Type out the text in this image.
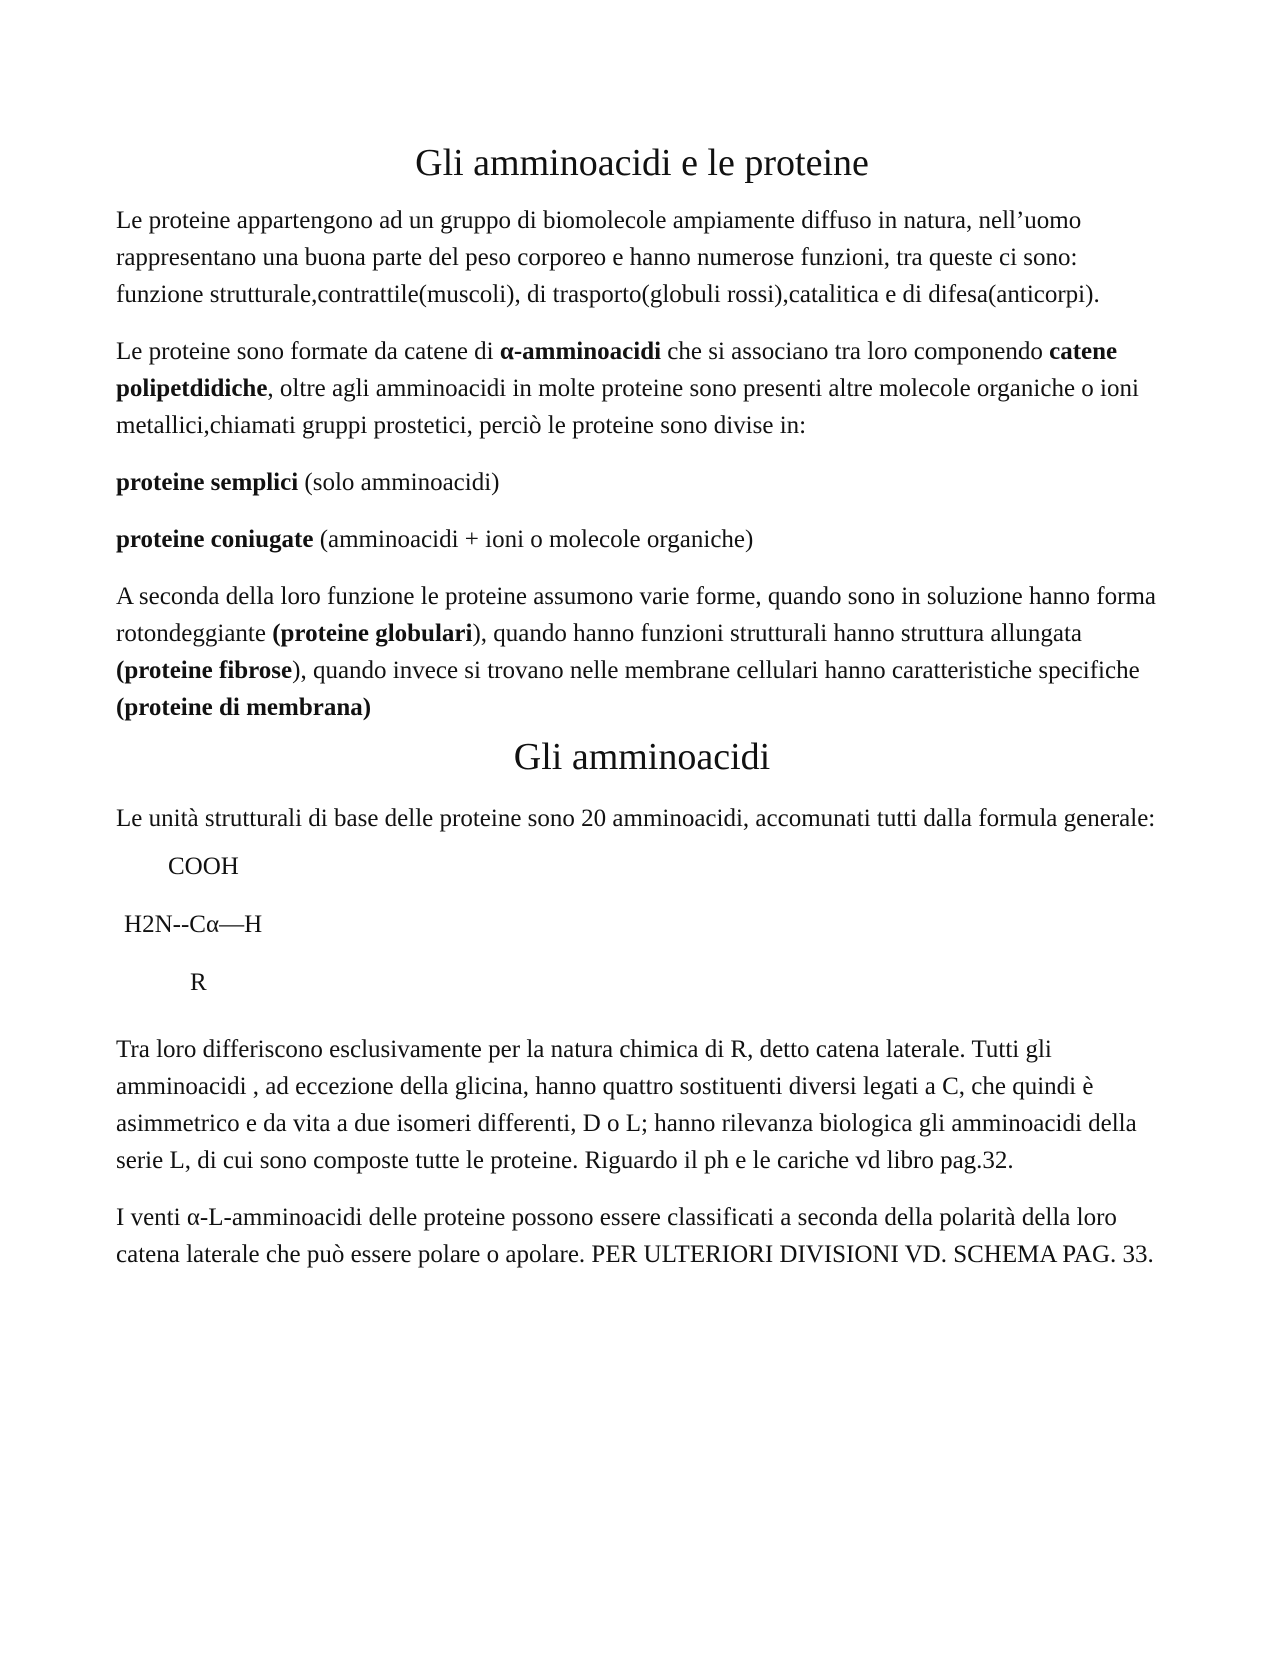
Gli amminoacidi e le proteine

Le proteine appartengono ad un gruppo di biomolecole ampiamente diffuso in natura, nell’uomo rappresentano una buona parte del peso corporeo e hanno numerose funzioni, tra queste ci sono: funzione strutturale,contrattile(muscoli), di trasporto(globuli rossi),catalitica e di difesa(anticorpi).

Le proteine sono formate da catene di α-amminoacidi che si associano tra loro componendo catene polipetdidiche, oltre agli amminoacidi in molte proteine sono presenti altre molecole organiche o ioni metallici,chiamati gruppi prostetici, perciò le proteine sono divise in:

proteine semplici (solo amminoacidi)

proteine coniugate (amminoacidi + ioni o molecole organiche)

A seconda della loro funzione le proteine assumono varie forme, quando sono in soluzione hanno forma rotondeggiante (proteine globulari), quando hanno funzioni strutturali hanno struttura allungata (proteine fibrose), quando invece si trovano nelle membrane cellulari hanno caratteristiche specifiche (proteine di membrana)

Gli amminoacidi

Le unità strutturali di base delle proteine sono 20 amminoacidi, accomunati tutti dalla formula generale:

COOH
H2N--Cα—H
R

Tra loro differiscono esclusivamente per la natura chimica di R, detto catena laterale. Tutti gli amminoacidi , ad eccezione della glicina, hanno quattro sostituenti diversi legati a C, che quindi è asimmetrico e da vita a due isomeri differenti, D o L; hanno rilevanza biologica gli amminoacidi della serie L, di cui sono composte tutte le proteine. Riguardo il ph e le cariche vd libro pag.32.

I venti α-L-amminoacidi delle proteine possono essere classificati a seconda della polarità della loro catena laterale che può essere polare o apolare. PER ULTERIORI DIVISIONI VD. SCHEMA PAG. 33.
